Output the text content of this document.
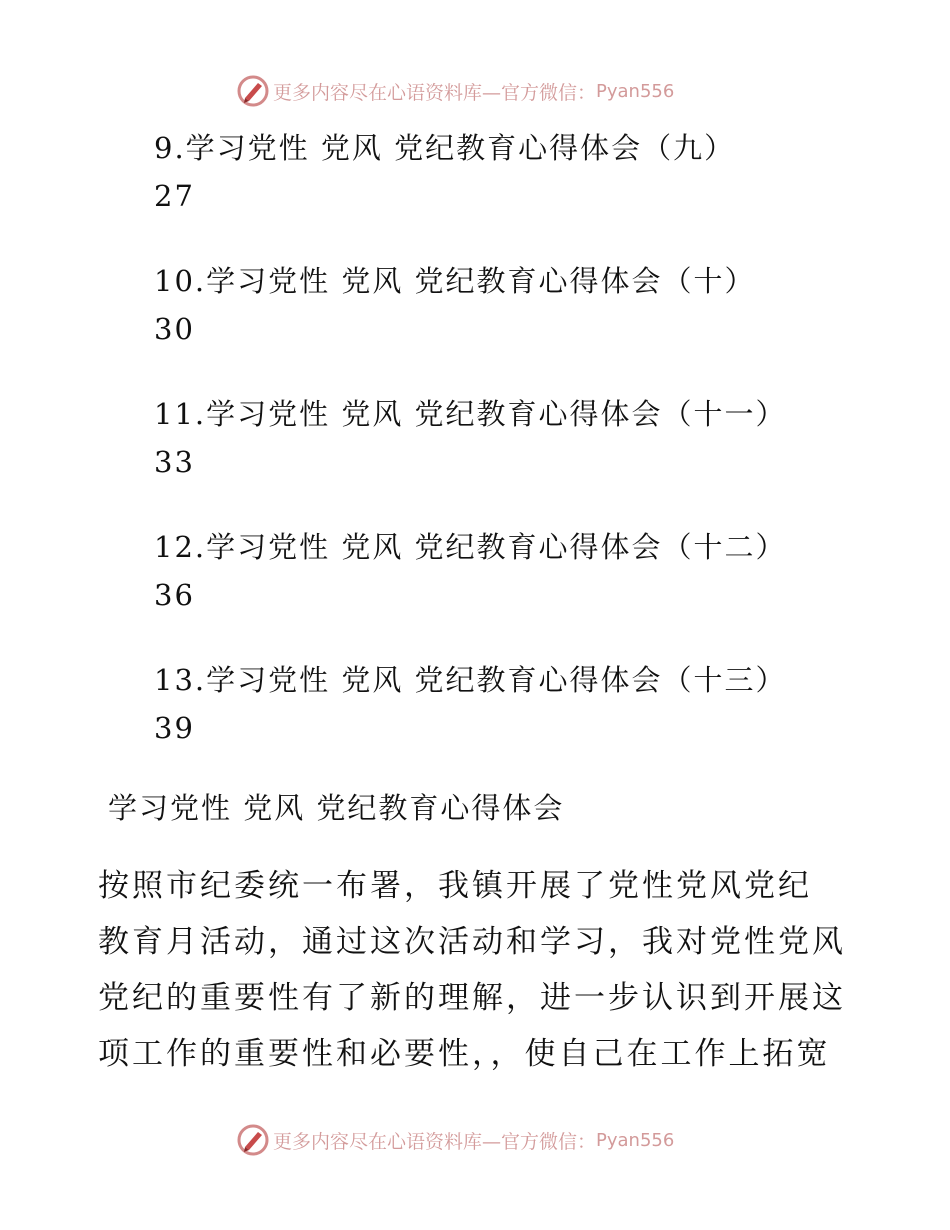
更多内容尽在心语资料库—官方微信： Pyan556
9.学习党性 党风 党纪教育心得体会（九）
27
10.学习党性 党风 党纪教育心得体会（十）
30
11.学习党性 党风 党纪教育心得体会（十一）
33
12.学习党性 党风 党纪教育心得体会（十二）
36
13.学习党性 党风 党纪教育心得体会（十三）
39
学习党性 党风 党纪教育心得体会
按照市纪委统一布署，我镇开展了党性党风党纪
教育月活动，通过这次活动和学习，我对党性党风
党纪的重要性有了新的理解，进一步认识到开展这
项工作的重要性和必要性，，使自己在工作上拓宽
更多内容尽在心语资料库—官方微信： Pyan556
